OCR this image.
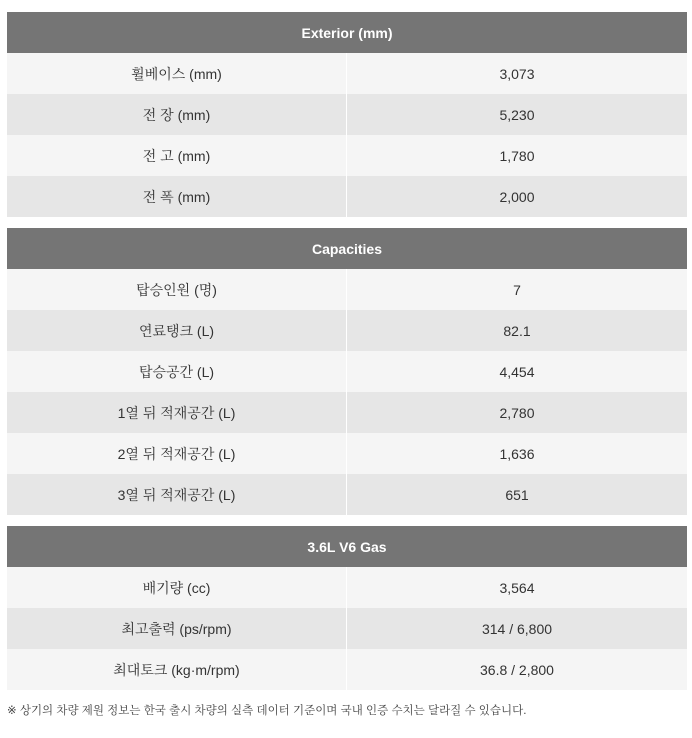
Exterior (mm)
휠베이스 (mm)	3,073
전 장 (mm)	5,230
전 고 (mm)	1,780
전 폭 (mm)	2,000
Capacities
탑승인원 (명)	7
연료탱크 (L)	82.1
탑승공간 (L)	4,454
1열 뒤 적재공간 (L)	2,780
2열 뒤 적재공간 (L)	1,636
3열 뒤 적재공간 (L)	651
3.6L V6 Gas
배기량 (cc)	3,564
최고출력 (ps/rpm)	314 / 6,800
최대토크 (kg·m/rpm)	36.8 / 2,800
※ 상기의 차량 제원 정보는 한국 출시 차량의 실측 데이터 기준이며 국내 인증 수치는 달라질 수 있습니다.
